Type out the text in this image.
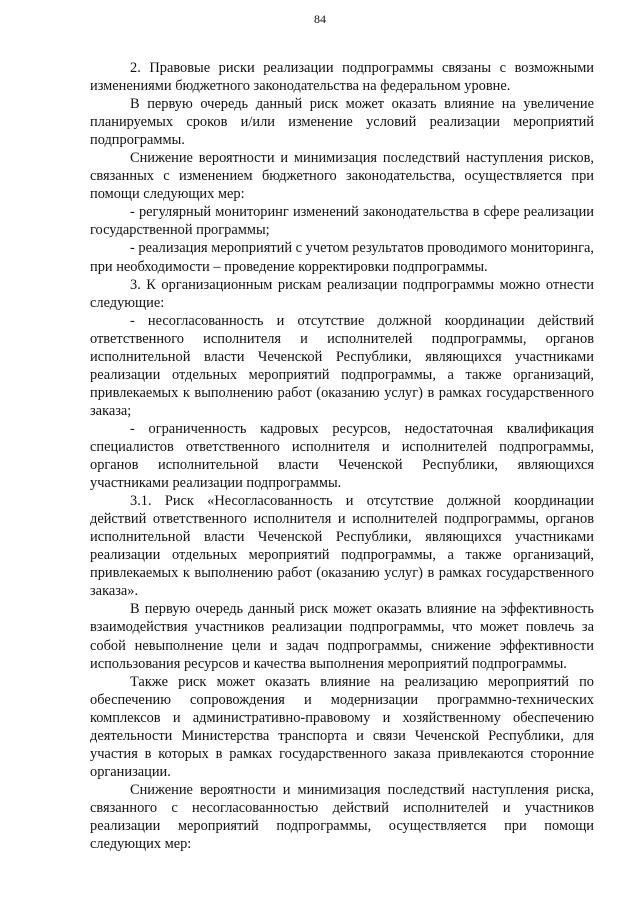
84

2. Правовые риски реализации подпрограммы связаны с возможными изменениями бюджетного законодательства на федеральном уровне.

В первую очередь данный риск может оказать влияние на увеличение планируемых сроков и/или изменение условий реализации мероприятий подпрограммы.

Снижение вероятности и минимизация последствий наступления рисков, связанных с изменением бюджетного законодательства, осуществляется при помощи следующих мер:

- регулярный мониторинг изменений законодательства в сфере реализации государственной программы;

- реализация мероприятий с учетом результатов проводимого мониторинга, при необходимости – проведение корректировки подпрограммы.

3. К организационным рискам реализации подпрограммы можно отнести следующие:

- несогласованность и отсутствие должной координации действий ответственного исполнителя и исполнителей подпрограммы, органов исполнительной власти Чеченской Республики, являющихся участниками реализации отдельных мероприятий подпрограммы, а также организаций, привлекаемых к выполнению работ (оказанию услуг) в рамках государственного заказа;

- ограниченность кадровых ресурсов, недостаточная квалификация специалистов ответственного исполнителя и исполнителей подпрограммы, органов исполнительной власти Чеченской Республики, являющихся участниками реализации подпрограммы.

3.1. Риск «Несогласованность и отсутствие должной координации действий ответственного исполнителя и исполнителей подпрограммы, органов исполнительной власти Чеченской Республики, являющихся участниками реализации отдельных мероприятий подпрограммы, а также организаций, привлекаемых к выполнению работ (оказанию услуг) в рамках государственного заказа».

В первую очередь данный риск может оказать влияние на эффективность взаимодействия участников реализации подпрограммы, что может повлечь за собой невыполнение цели и задач подпрограммы, снижение эффективности использования ресурсов и качества выполнения мероприятий подпрограммы.

Также риск может оказать влияние на реализацию мероприятий по обеспечению сопровождения и модернизации программно-технических комплексов и административно-правовому и хозяйственному обеспечению деятельности Министерства транспорта и связи Чеченской Республики, для участия в которых в рамках государственного заказа привлекаются сторонние организации.

Снижение вероятности и минимизация последствий наступления риска, связанного с несогласованностью действий исполнителей и участников реализации мероприятий подпрограммы, осуществляется при помощи следующих мер:
